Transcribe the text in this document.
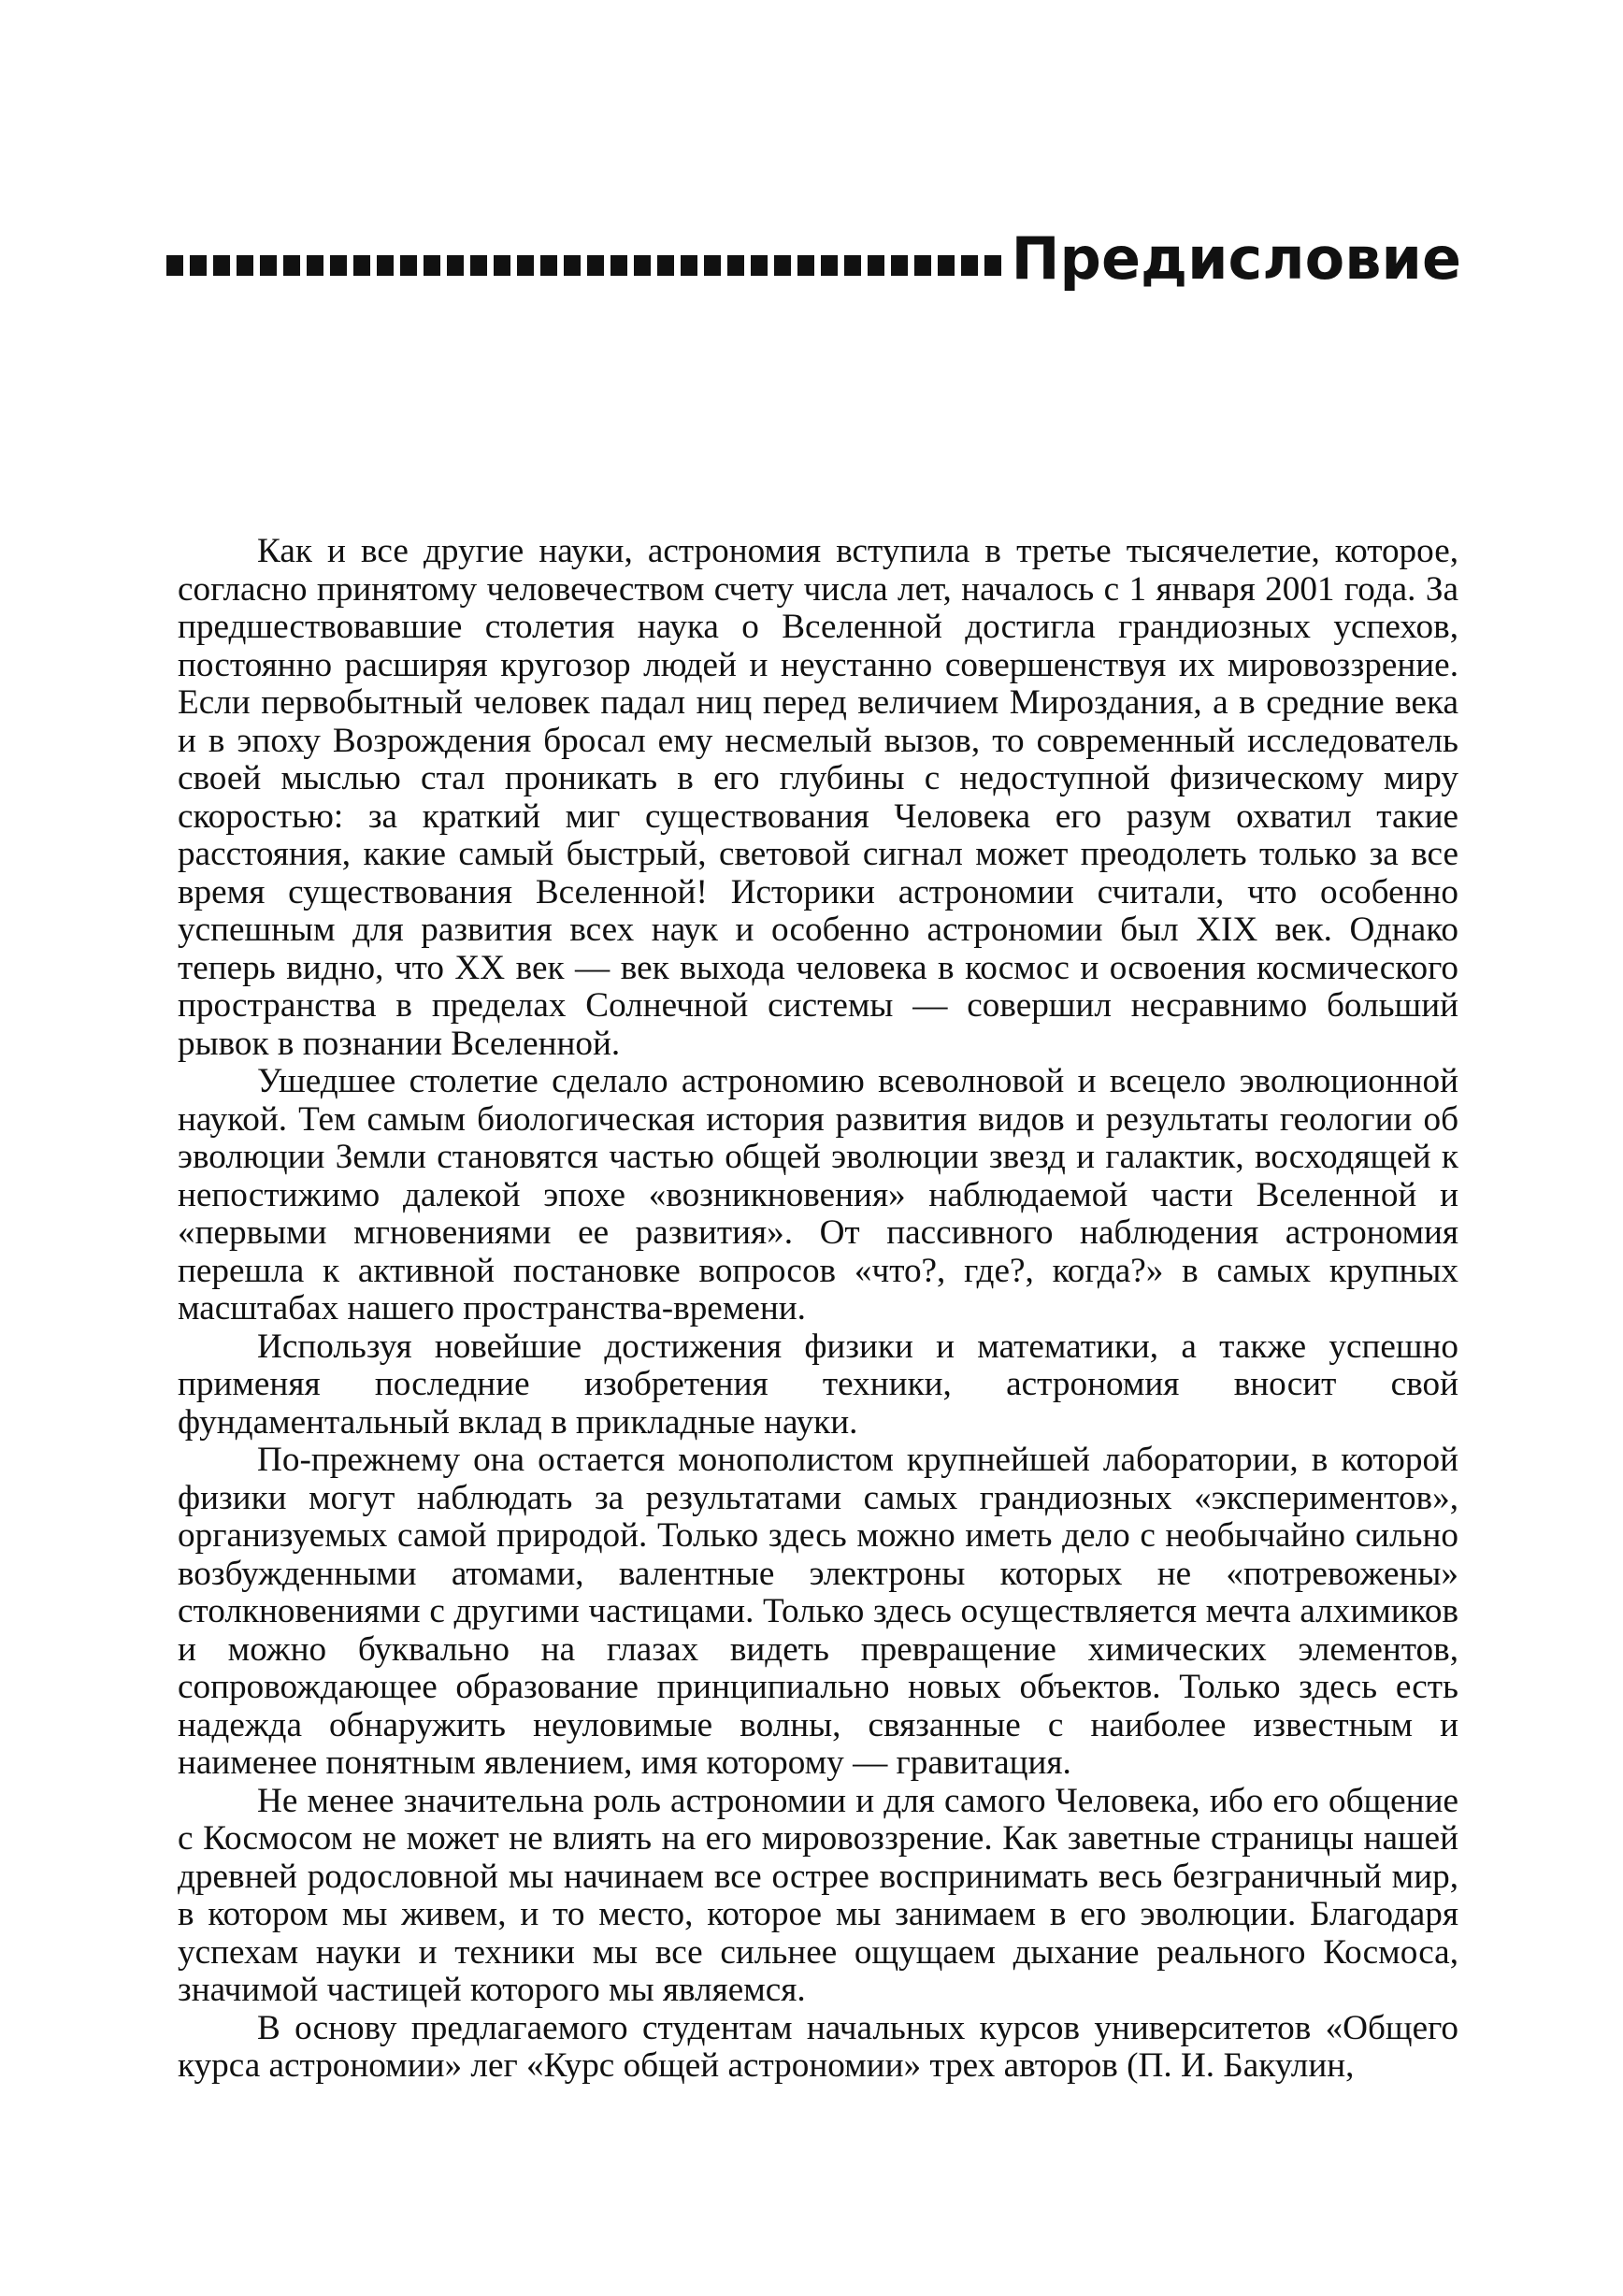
Предисловие

Как и все другие науки, астрономия вступила в третье тысячелетие, которое, согласно принятому человечеством счету числа лет, началось с 1 января 2001 года. За предшествовавшие столетия наука о Вселенной достигла грандиозных успехов, постоянно расширяя кругозор людей и неустанно совершенствуя их мировоззрение. Если первобытный человек падал ниц перед величием Мироздания, а в средние века и в эпоху Возрождения бросал ему несмелый вызов, то современный исследователь своей мыслью стал проникать в его глубины с недоступной физическому миру скоростью: за краткий миг существования Человека его разум охватил такие расстояния, какие самый быстрый, световой сигнал может преодолеть только за все время существования Вселенной! Историки астрономии считали, что особенно успешным для развития всех наук и особенно астрономии был XIX век. Однако теперь видно, что XX век — век выхода человека в космос и освоения космического пространства в пределах Солнечной системы — совершил несравнимо больший рывок в познании Вселенной.

Ушедшее столетие сделало астрономию всеволновой и всецело эволюционной наукой. Тем самым биологическая история развития видов и результаты геологии об эволюции Земли становятся частью общей эволюции звезд и галактик, восходящей к непостижимо далекой эпохе «возникновения» наблюдаемой части Вселенной и «первыми мгновениями ее развития». От пассивного наблюдения астрономия перешла к активной постановке вопросов «что?, где?, когда?» в самых крупных масштабах нашего пространства-времени.

Используя новейшие достижения физики и математики, а также успешно применяя последние изобретения техники, астрономия вносит свой фундаментальный вклад в прикладные науки.

По-прежнему она остается монополистом крупнейшей лаборатории, в которой физики могут наблюдать за результатами самых грандиозных «экспериментов», организуемых самой природой. Только здесь можно иметь дело с необычайно сильно возбужденными атомами, валентные электроны которых не «потревожены» столкновениями с другими частицами. Только здесь осуществляется мечта алхимиков и можно буквально на глазах видеть превращение химических элементов, сопровождающее образование принципиально новых объектов. Только здесь есть надежда обнаружить неуловимые волны, связанные с наиболее известным и наименее понятным явлением, имя которому — гравитация.

Не менее значительна роль астрономии и для самого Человека, ибо его общение с Космосом не может не влиять на его мировоззрение. Как заветные страницы нашей древней родословной мы начинаем все острее воспринимать весь безграничный мир, в котором мы живем, и то место, которое мы занимаем в его эволюции. Благодаря успехам науки и техники мы все сильнее ощущаем дыхание реального Космоса, значимой частицей которого мы являемся.

В основу предлагаемого студентам начальных курсов университетов «Общего курса астрономии» лег «Курс общей астрономии» трех авторов (П. И. Бакулин,
